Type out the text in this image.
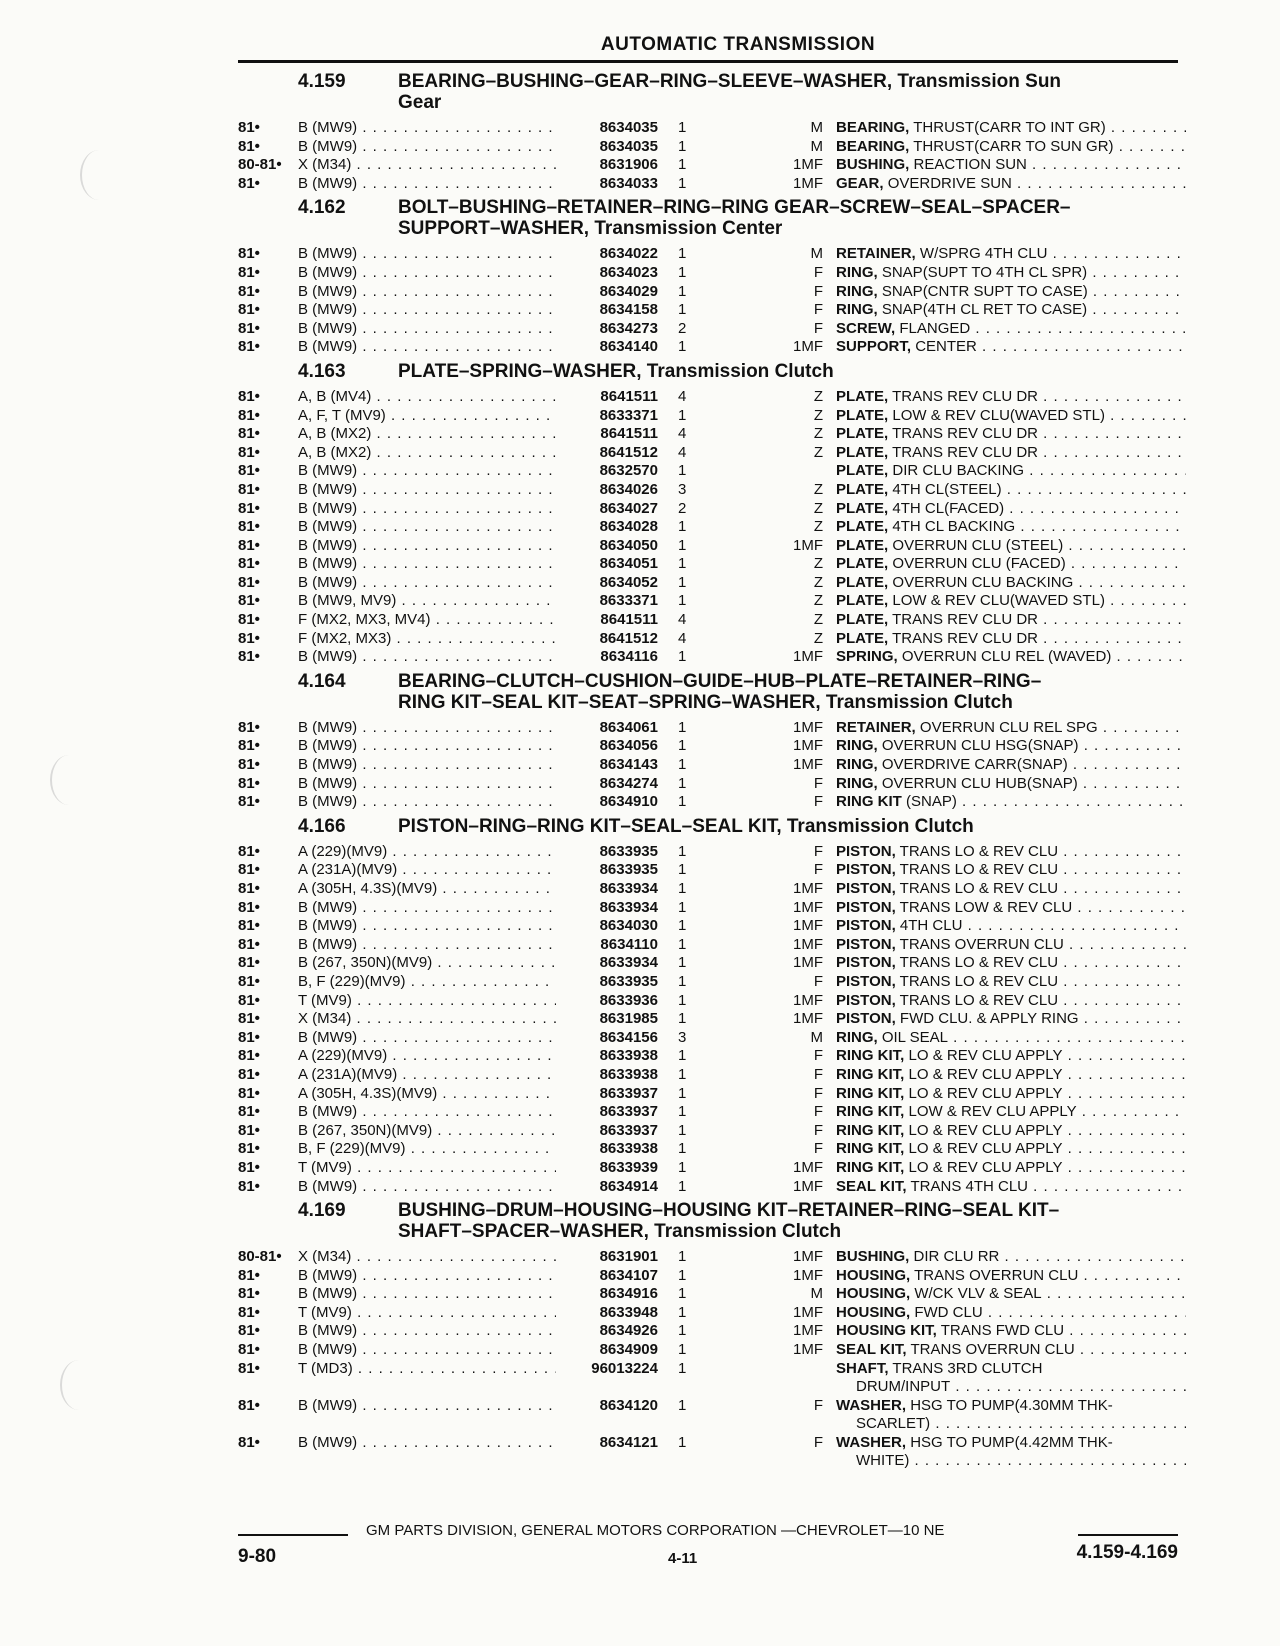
AUTOMATIC TRANSMISSION
4.159	BEARING–BUSHING–GEAR–RING–SLEEVE–WASHER, Transmission Sun
Gear
81•	B (MW9) . . .	8634035 1	M BEARING, THRUST(CARR TO INT GR) . . .
81•	B (MW9) . . .	8634035 1	M BEARING, THRUST(CARR TO SUN GR) . . .
80-81• X (M34) . . .	8631906 1	1MF BUSHING, REACTION SUN . . .
81•	B (MW9) . . .	8634033 1	1MF GEAR, OVERDRIVE SUN . . .
4.162	BOLT–BUSHING–RETAINER–RING–RING GEAR–SCREW–SEAL–SPACER–
SUPPORT–WASHER, Transmission Center
81•	B (MW9) . . .	8634022 1	M RETAINER, W/SPRG 4TH CLU . . .
81•	B (MW9) . . .	8634023 1	F RING, SNAP(SUPT TO 4TH CL SPR) . . .
81•	B (MW9) . . .	8634029 1	F RING, SNAP(CNTR SUPT TO CASE) . . .
81•	B (MW9) . . .	8634158 1	F RING, SNAP(4TH CL RET TO CASE) . . .
81•	B (MW9) . . .	8634273 2	F SCREW, FLANGED . . .
81•	B (MW9) . . .	8634140 1	1MF SUPPORT, CENTER . . .
4.163	PLATE–SPRING–WASHER, Transmission Clutch
81•	A, B (MV4) . . .	8641511 4	Z PLATE, TRANS REV CLU DR . . .
81•	A, F, T (MV9) . . .	8633371 1	Z PLATE, LOW & REV CLU(WAVED STL) . . .
81•	A, B (MX2) . . .	8641511 4	Z PLATE, TRANS REV CLU DR . . .
81•	A, B (MX2) . . .	8641512 4	Z PLATE, TRANS REV CLU DR . . .
81•	B (MW9) . . .	8632570 1	PLATE, DIR CLU BACKING . . .
81•	B (MW9) . . .	8634026 3	Z PLATE, 4TH CL(STEEL) . . .
81•	B (MW9) . . .	8634027 2	Z PLATE, 4TH CL(FACED) . . .
81•	B (MW9) . . .	8634028 1	Z PLATE, 4TH CL BACKING . . .
81•	B (MW9) . . .	8634050 1	1MF PLATE, OVERRUN CLU (STEEL) . . .
81•	B (MW9) . . .	8634051 1	Z PLATE, OVERRUN CLU (FACED) . . .
81•	B (MW9) . . .	8634052 1	Z PLATE, OVERRUN CLU BACKING . . .
81•	B (MW9, MV9) . . .	8633371 1	Z PLATE, LOW & REV CLU(WAVED STL) . . .
81•	F (MX2, MX3, MV4) . . .	8641511 4	Z PLATE, TRANS REV CLU DR . . .
81•	F (MX2, MX3) . . .	8641512 4	Z PLATE, TRANS REV CLU DR . . .
81•	B (MW9) . . .	8634116 1	1MF SPRING, OVERRUN CLU REL (WAVED) . . .
4.164	BEARING–CLUTCH–CUSHION–GUIDE–HUB–PLATE–RETAINER–RING–
RING KIT–SEAL KIT–SEAT–SPRING–WASHER, Transmission Clutch
81•	B (MW9) . . .	8634061 1	1MF RETAINER, OVERRUN CLU REL SPG . . .
81•	B (MW9) . . .	8634056 1	1MF RING, OVERRUN CLU HSG(SNAP) . . .
81•	B (MW9) . . .	8634143 1	1MF RING, OVERDRIVE CARR(SNAP) . . .
81•	B (MW9) . . .	8634274 1	F RING, OVERRUN CLU HUB(SNAP) . . .
81•	B (MW9) . . .	8634910 1	F RING KIT (SNAP) . . .
4.166	PISTON–RING–RING KIT–SEAL–SEAL KIT, Transmission Clutch
81•	A (229)(MV9) . . .	8633935 1	F PISTON, TRANS LO & REV CLU . . .
81•	A (231A)(MV9) . . .	8633935 1	F PISTON, TRANS LO & REV CLU . . .
81•	A (305H, 4.3S)(MV9) . . .	8633934 1	1MF PISTON, TRANS LO & REV CLU . . .
81•	B (MW9) . . .	8633934 1	1MF PISTON, TRANS LOW & REV CLU . . .
81•	B (MW9) . . .	8634030 1	1MF PISTON, 4TH CLU . . .
81•	B (MW9) . . .	8634110 1	1MF PISTON, TRANS OVERRUN CLU . . .
81•	B (267, 350N)(MV9) . . .	8633934 1	1MF PISTON, TRANS LO & REV CLU . . .
81•	B, F (229)(MV9) . . .	8633935 1	F PISTON, TRANS LO & REV CLU . . .
81•	T (MV9) . . .	8633936 1	1MF PISTON, TRANS LO & REV CLU . . .
81•	X (M34) . . .	8631985 1	1MF PISTON, FWD CLU. & APPLY RING . . .
81•	B (MW9) . . .	8634156 3	M RING, OIL SEAL . . .
81•	A (229)(MV9) . . .	8633938 1	F RING KIT, LO & REV CLU APPLY . . .
81•	A (231A)(MV9) . . .	8633938 1	F RING KIT, LO & REV CLU APPLY . . .
81•	A (305H, 4.3S)(MV9) . . .	8633937 1	F RING KIT, LO & REV CLU APPLY . . .
81•	B (MW9) . . .	8633937 1	F RING KIT, LOW & REV CLU APPLY . . .
81•	B (267, 350N)(MV9) . . .	8633937 1	F RING KIT, LO & REV CLU APPLY . . .
81•	B, F (229)(MV9) . . .	8633938 1	F RING KIT, LO & REV CLU APPLY . . .
81•	T (MV9) . . .	8633939 1	1MF RING KIT, LO & REV CLU APPLY . . .
81•	B (MW9) . . .	8634914 1	1MF SEAL KIT, TRANS 4TH CLU . . .
4.169	BUSHING–DRUM–HOUSING–HOUSING KIT–RETAINER–RING–SEAL KIT–
SHAFT–SPACER–WASHER, Transmission Clutch
80-81• X (M34) . . .	8631901 1	1MF BUSHING, DIR CLU RR . . .
81•	B (MW9) . . .	8634107 1	1MF HOUSING, TRANS OVERRUN CLU . . .
81•	B (MW9) . . .	8634916 1	M HOUSING, W/CK VLV & SEAL . . .
81•	T (MV9) . . .	8633948 1	1MF HOUSING, FWD CLU . . .
81•	B (MW9) . . .	8634926 1	1MF HOUSING KIT, TRANS FWD CLU . . .
81•	B (MW9) . . .	8634909 1	1MF SEAL KIT, TRANS OVERRUN CLU . . .
81•	T (MD3) . . .	96013224 1	SHAFT, TRANS 3RD CLUTCH
DRUM/INPUT . . .
81•	B (MW9) . . .	8634120 1	F WASHER, HSG TO PUMP(4.30MM THK-
SCARLET) . . .
81•	B (MW9) . . .	8634121 1	F WASHER, HSG TO PUMP(4.42MM THK-
WHITE) . . .
GM PARTS DIVISION, GENERAL MOTORS CORPORATION —CHEVROLET—10 NE
9-80	4-11	4.159-4.169
